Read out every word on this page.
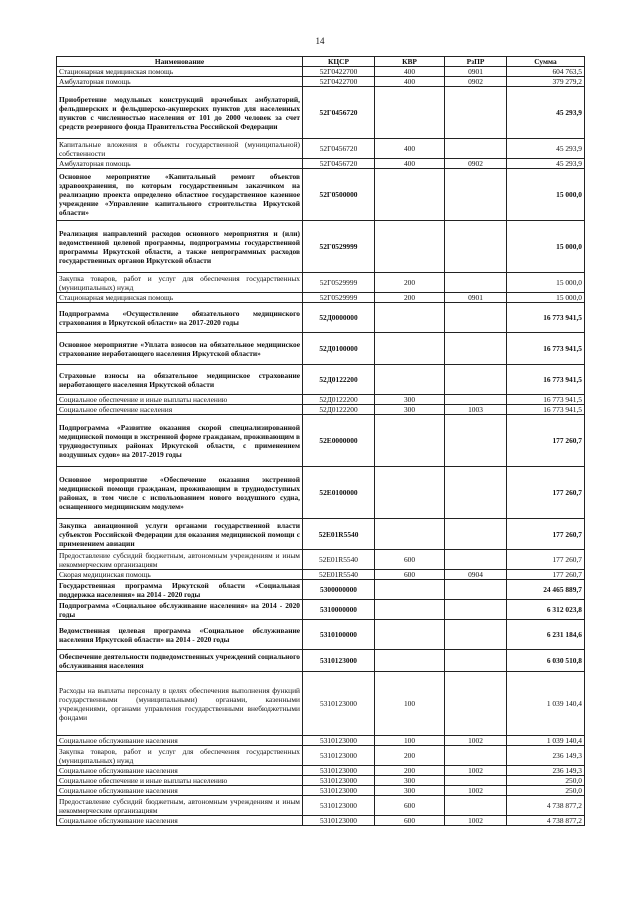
14
Наименование	КЦСР	КВР	РзПР	Сумма
Стационарная медицинская помощь	52Г0422700	400	0901	604 763,5
Амбулаторная помощь	52Г0422700	400	0902	379 279,2
Приобретение модульных конструкций врачебных амбулаторий, фельдшерских и фельдшерско-акушерских пунктов для населенных пунктов с численностью населения от 101 до 2000 человек за счет средств резервного фонда Правительства Российской Федерации	52Г0456720			45 293,9
Капитальные вложения в объекты государственной (муниципальной) собственности	52Г0456720	400		45 293,9
Амбулаторная помощь	52Г0456720	400	0902	45 293,9
Основное мероприятие «Капитальный ремонт объектов здравоохранения, по которым государственным заказчиком на реализацию проекта определено областное государственное казенное учреждение «Управление капитального строительства Иркутской области»	52Г0500000			15 000,0
Реализация направлений расходов основного мероприятия и (или) ведомственной целевой программы, подпрограммы государственной программы Иркутской области, а также непрограммных расходов государственных органов Иркутской области	52Г0529999			15 000,0
Закупка товаров, работ и услуг для обеспечения государственных (муниципальных) нужд	52Г0529999	200		15 000,0
Стационарная медицинская помощь	52Г0529999	200	0901	15 000,0
Подпрограмма «Осуществление обязательного медицинского страхования в Иркутской области» на 2017-2020 годы	52Д0000000			16 773 941,5
Основное мероприятие «Уплата взносов на обязательное медицинское страхование неработающего населения Иркутской области»	52Д0100000			16 773 941,5
Страховые взносы на обязательное медицинское страхование неработающего населения Иркутской области	52Д0122200			16 773 941,5
Социальное обеспечение и иные выплаты населению	52Д0122200	300		16 773 941,5
Социальное обеспечение населения	52Д0122200	300	1003	16 773 941,5
Подпрограмма «Развитие оказания скорой специализированной медицинской помощи в экстренной форме гражданам, проживающим в труднодоступных районах Иркутской области, с применением воздушных судов» на 2017-2019 годы	52Е0000000			177 260,7
Основное мероприятие «Обеспечение оказания экстренной медицинской помощи гражданам, проживающим в труднодоступных районах, в том числе с использованием нового воздушного судна, оснащенного медицинским модулем»	52Е0100000			177 260,7
Закупка авиационной услуги органами государственной власти субъектов Российской Федерации для оказания медицинской помощи с применением авиации	52Е01R5540			177 260,7
Предоставление субсидий бюджетным, автономным учреждениям и иным некоммерческим организациям	52Е01R5540	600		177 260,7
Скорая медицинская помощь	52Е01R5540	600	0904	177 260,7
Государственная программа Иркутской области «Социальная поддержка населения» на 2014 - 2020 годы	5300000000			24 465 889,7
Подпрограмма «Социальное обслуживание населения» на 2014 - 2020 годы	5310000000			6 312 023,8
Ведомственная целевая программа «Социальное обслуживание населения Иркутской области» на 2014 - 2020 годы	5310100000			6 231 184,6
Обеспечение деятельности подведомственных учреждений социального обслуживания населения	5310123000			6 030 510,8
Расходы на выплаты персоналу в целях обеспечения выполнения функций государственными (муниципальными) органами, казенными учреждениями, органами управления государственными внебюджетными фондами	5310123000	100		1 039 140,4
Социальное обслуживание населения	5310123000	100	1002	1 039 140,4
Закупка товаров, работ и услуг для обеспечения государственных (муниципальных) нужд	5310123000	200		236 149,3
Социальное обслуживание населения	5310123000	200	1002	236 149,3
Социальное обеспечение и иные выплаты населению	5310123000	300		250,0
Социальное обслуживание населения	5310123000	300	1002	250,0
Предоставление субсидий бюджетным, автономным учреждениям и иным некоммерческим организациям	5310123000	600		4 738 877,2
Социальное обслуживание населения	5310123000	600	1002	4 738 877,2
